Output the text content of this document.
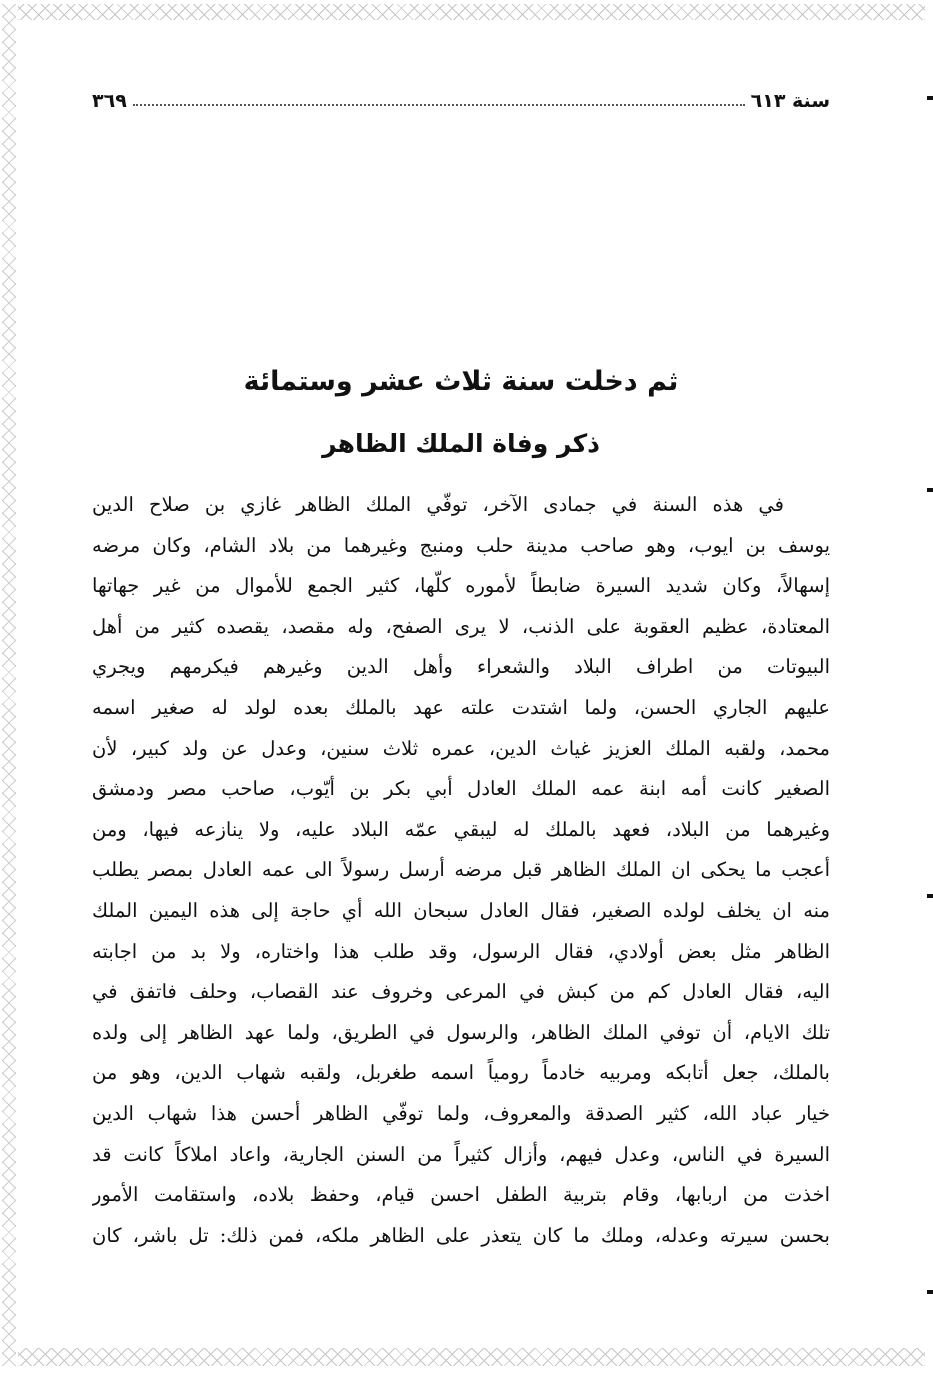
سنة ٦١٣
٣٦٩
ثم دخلت سنة ثلاث عشر وستمائة
ذكر وفاة الملك الظاهر
في هذه السنة في جمادى الآخر، توفّي الملك الظاهر غازي بن صلاح الدين
يوسف بن ايوب، وهو صاحب مدينة حلب ومنبج وغيرهما من بلاد الشام، وكان مرضه
إسهالاً، وكان شديد السيرة ضابطاً لأموره كلّها، كثير الجمع للأموال من غير جهاتها
المعتادة، عظيم العقوبة على الذنب، لا يرى الصفح، وله مقصد، يقصده كثير من أهل
البيوتات من اطراف البلاد والشعراء وأهل الدين وغيرهم فيكرمهم ويجري
عليهم الجاري الحسن، ولما اشتدت علته عهد بالملك بعده لولد له صغير اسمه
محمد، ولقبه الملك العزيز غياث الدين، عمره ثلاث سنين، وعدل عن ولد كبير، لأن
الصغير كانت أمه ابنة عمه الملك العادل أبي بكر بن أيّوب، صاحب مصر ودمشق
وغيرهما من البلاد، فعهد بالملك له ليبقي عمّه البلاد عليه، ولا ينازعه فيها، ومن
أعجب ما يحكى ان الملك الظاهر قبل مرضه أرسل رسولاً الى عمه العادل بمصر يطلب
منه ان يخلف لولده الصغير، فقال العادل سبحان الله أي حاجة إلى هذه اليمين الملك
الظاهر مثل بعض أولادي، فقال الرسول، وقد طلب هذا واختاره، ولا بد من اجابته
اليه، فقال العادل كم من كبش في المرعى وخروف عند القصاب، وحلف فاتفق في
تلك الايام، أن توفي الملك الظاهر، والرسول في الطريق، ولما عهد الظاهر إلى ولده
بالملك، جعل أتابكه ومربيه خادماً رومياً اسمه طغربل، ولقبه شهاب الدين، وهو من
خيار عباد الله، كثير الصدقة والمعروف، ولما توفّي الظاهر أحسن هذا شهاب الدين
السيرة في الناس، وعدل فيهم، وأزال كثيراً من السنن الجارية، واعاد املاكاً كانت قد
اخذت من اربابها، وقام بتربية الطفل احسن قيام، وحفظ بلاده، واستقامت الأمور
بحسن سيرته وعدله، وملك ما كان يتعذر على الظاهر ملكه، فمن ذلك: تل باشر، كان
